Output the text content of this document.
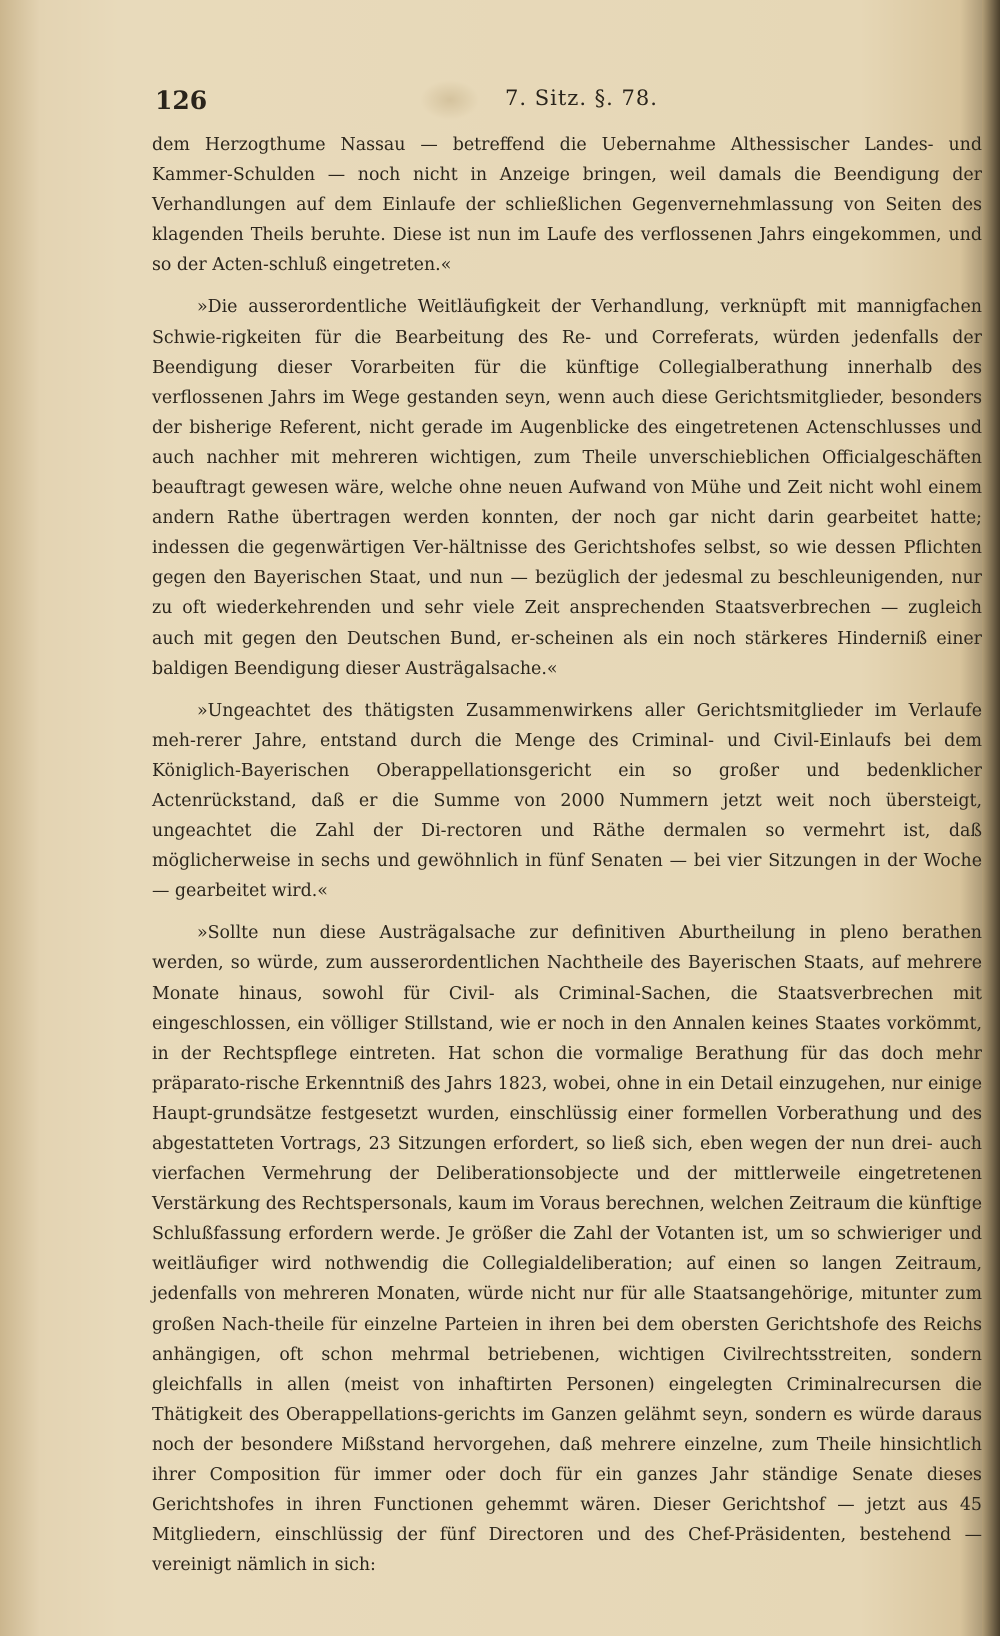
126	7. Sitz. §. 78.

dem Herzogthume Nassau — betreffend die Uebernahme Althessischer Landes- und Kammer-Schulden — noch nicht in Anzeige bringen, weil damals die Beendigung der Verhandlungen auf dem Einlaufe der schließlichen Gegenvernehmlassung von Seiten des klagenden Theils beruhte. Diese ist nun im Laufe des verflossenen Jahrs eingekommen, und so der Acten-schluß eingetreten.«

»Die ausserordentliche Weitläufigkeit der Verhandlung, verknüpft mit mannigfachen Schwie-rigkeiten für die Bearbeitung des Re- und Correferats, würden jedenfalls der Beendigung dieser Vorarbeiten für die künftige Collegialberathung innerhalb des verflossenen Jahrs im Wege gestanden seyn, wenn auch diese Gerichtsmitglieder, besonders der bisherige Referent, nicht gerade im Augenblicke des eingetretenen Actenschlusses und auch nachher mit mehreren wichtigen, zum Theile unverschieblichen Officialgeschäften beauftragt gewesen wäre, welche ohne neuen Aufwand von Mühe und Zeit nicht wohl einem andern Rathe übertragen werden konnten, der noch gar nicht darin gearbeitet hatte; indessen die gegenwärtigen Ver-hältnisse des Gerichtshofes selbst, so wie dessen Pflichten gegen den Bayerischen Staat, und nun — bezüglich der jedesmal zu beschleunigenden, nur zu oft wiederkehrenden und sehr viele Zeit ansprechenden Staatsverbrechen — zugleich auch mit gegen den Deutschen Bund, er-scheinen als ein noch stärkeres Hinderniß einer baldigen Beendigung dieser Austrägalsache.«

»Ungeachtet des thätigsten Zusammenwirkens aller Gerichtsmitglieder im Verlaufe meh-rerer Jahre, entstand durch die Menge des Criminal- und Civil-Einlaufs bei dem Königlich-Bayerischen Oberappellationsgericht ein so großer und bedenklicher Actenrückstand, daß er die Summe von 2000 Nummern jetzt weit noch übersteigt, ungeachtet die Zahl der Di-rectoren und Räthe dermalen so vermehrt ist, daß möglicherweise in sechs und gewöhnlich in fünf Senaten — bei vier Sitzungen in der Woche — gearbeitet wird.«

»Sollte nun diese Austrägalsache zur definitiven Aburtheilung in pleno berathen werden, so würde, zum ausserordentlichen Nachtheile des Bayerischen Staats, auf mehrere Monate hinaus, sowohl für Civil- als Criminal-Sachen, die Staatsverbrechen mit eingeschlossen, ein völliger Stillstand, wie er noch in den Annalen keines Staates vorkömmt, in der Rechtspflege eintreten. Hat schon die vormalige Berathung für das doch mehr präparato-rische Erkenntniß des Jahrs 1823, wobei, ohne in ein Detail einzugehen, nur einige Haupt-grundsätze festgesetzt wurden, einschlüssig einer formellen Vorberathung und des abgestatteten Vortrags, 23 Sitzungen erfordert, so ließ sich, eben wegen der nun drei- auch vierfachen Vermehrung der Deliberationsobjecte und der mittlerweile eingetretenen Verstärkung des Rechtspersonals, kaum im Voraus berechnen, welchen Zeitraum die künftige Schlußfassung erfordern werde. Je größer die Zahl der Votanten ist, um so schwieriger und weitläufiger wird nothwendig die Collegialdeliberation; auf einen so langen Zeitraum, jedenfalls von mehreren Monaten, würde nicht nur für alle Staatsangehörige, mitunter zum großen Nach-theile für einzelne Parteien in ihren bei dem obersten Gerichtshofe des Reichs anhängigen, oft schon mehrmal betriebenen, wichtigen Civilrechtsstreiten, sondern gleichfalls in allen (meist von inhaftirten Personen) eingelegten Criminalrecursen die Thätigkeit des Oberappellations-gerichts im Ganzen gelähmt seyn, sondern es würde daraus noch der besondere Mißstand hervorgehen, daß mehrere einzelne, zum Theile hinsichtlich ihrer Composition für immer oder doch für ein ganzes Jahr ständige Senate dieses Gerichtshofes in ihren Functionen gehemmt wären. Dieser Gerichtshof — jetzt aus 45 Mitgliedern, einschlüssig der fünf Directoren und des Chef-Präsidenten, bestehend — vereinigt nämlich in sich:
